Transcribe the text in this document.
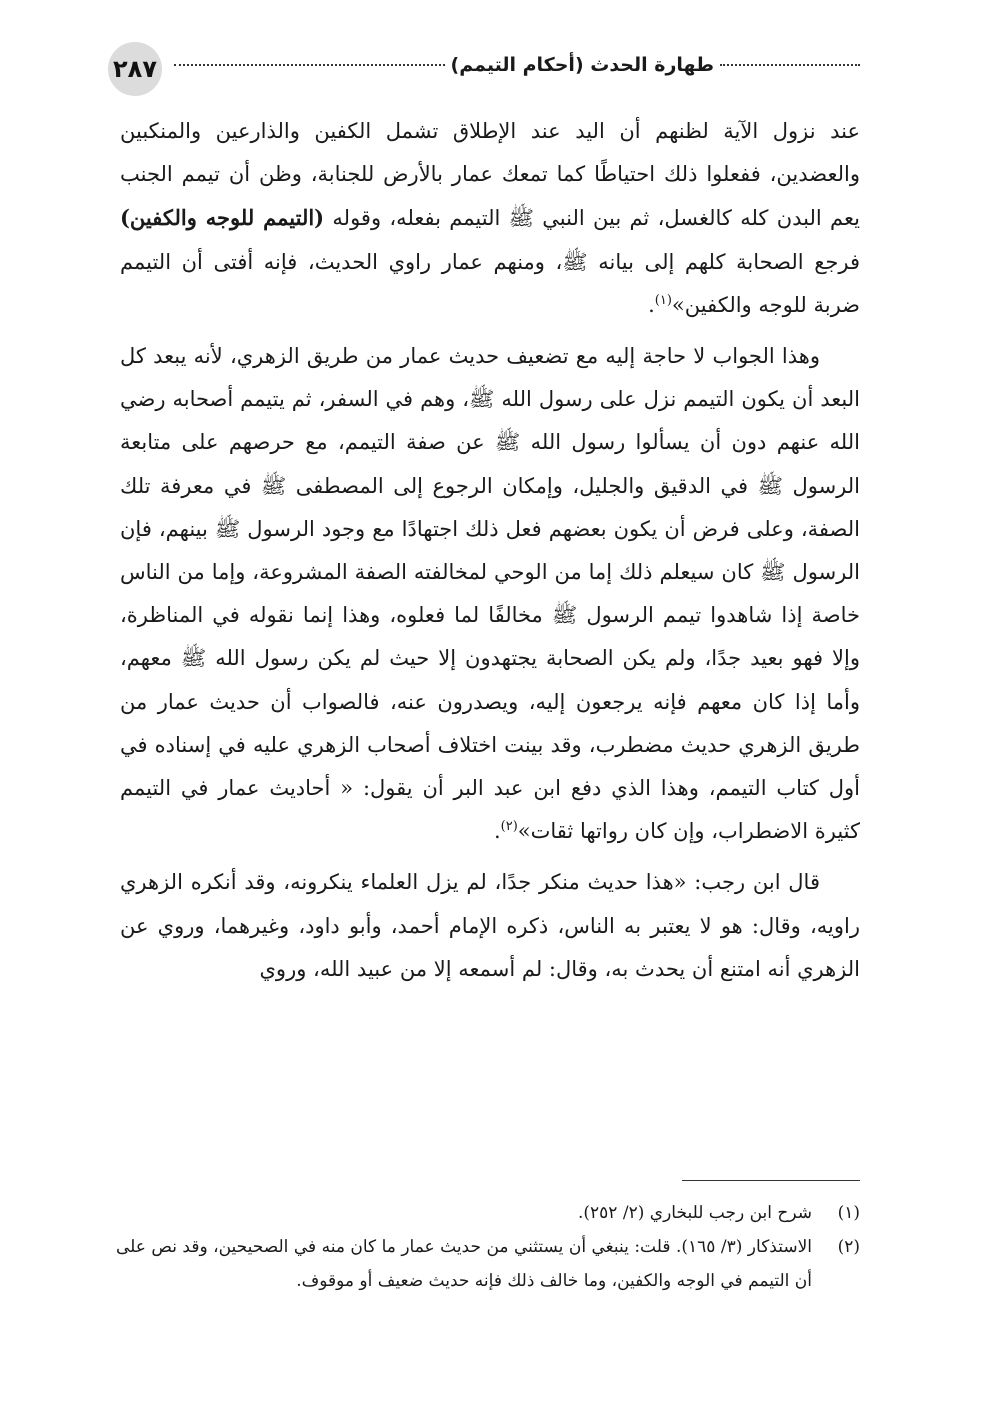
٢٨٧	طهارة الحدث (أحكام التيمم)

عند نزول الآية لظنهم أن اليد عند الإطلاق تشمل الكفين والذارعين والمنكبين والعضدين، ففعلوا ذلك احتياطًا كما تمعك عمار بالأرض للجنابة، وظن أن تيمم الجنب يعم البدن كله كالغسل، ثم بين النبي ﷺ التيمم بفعله، وقوله (التيمم للوجه والكفين) فرجع الصحابة كلهم إلى بيانه ﷺ، ومنهم عمار راوي الحديث، فإنه أفتى أن التيمم ضربة للوجه والكفين»$^{(١)}$.

وهذا الجواب لا حاجة إليه مع تضعيف حديث عمار من طريق الزهري، لأنه يبعد كل البعد أن يكون التيمم نزل على رسول الله ﷺ، وهم في السفر، ثم يتيمم أصحابه رضي الله عنهم دون أن يسألوا رسول الله ﷺ عن صفة التيمم، مع حرصهم على متابعة الرسول ﷺ في الدقيق والجليل، وإمكان الرجوع إلى المصطفى ﷺ في معرفة تلك الصفة، وعلى فرض أن يكون بعضهم فعل ذلك اجتهادًا مع وجود الرسول ﷺ بينهم، فإن الرسول ﷺ كان سيعلم ذلك إما من الوحي لمخالفته الصفة المشروعة، وإما من الناس خاصة إذا شاهدوا تيمم الرسول ﷺ مخالفًا لما فعلوه، وهذا إنما نقوله في المناظرة، وإلا فهو بعيد جدًا، ولم يكن الصحابة يجتهدون إلا حيث لم يكن رسول الله ﷺ معهم، وأما إذا كان معهم فإنه يرجعون إليه، ويصدرون عنه، فالصواب أن حديث عمار من طريق الزهري حديث مضطرب، وقد بينت اختلاف أصحاب الزهري عليه في إسناده في أول كتاب التيمم، وهذا الذي دفع ابن عبد البر أن يقول: « أحاديث عمار في التيمم كثيرة الاضطراب، وإن كان رواتها ثقات»$^{(٢)}$.

قال ابن رجب: «هذا حديث منكر جدًا، لم يزل العلماء ينكرونه، وقد أنكره الزهري راويه، وقال: هو لا يعتبر به الناس، ذكره الإمام أحمد، وأبو داود، وغيرهما، وروي عن الزهري أنه امتنع أن يحدث به، وقال: لم أسمعه إلا من عبيد الله، وروي

(١)
شرح ابن رجب للبخاري (٢/ ٢٥٢).
(٢)
الاستذكار (٣/ ١٦٥). قلت: ينبغي أن يستثني من حديث عمار ما كان منه في الصحيحين، وقد نص على أن التيمم في الوجه والكفين، وما خالف ذلك فإنه حديث ضعيف أو موقوف.
